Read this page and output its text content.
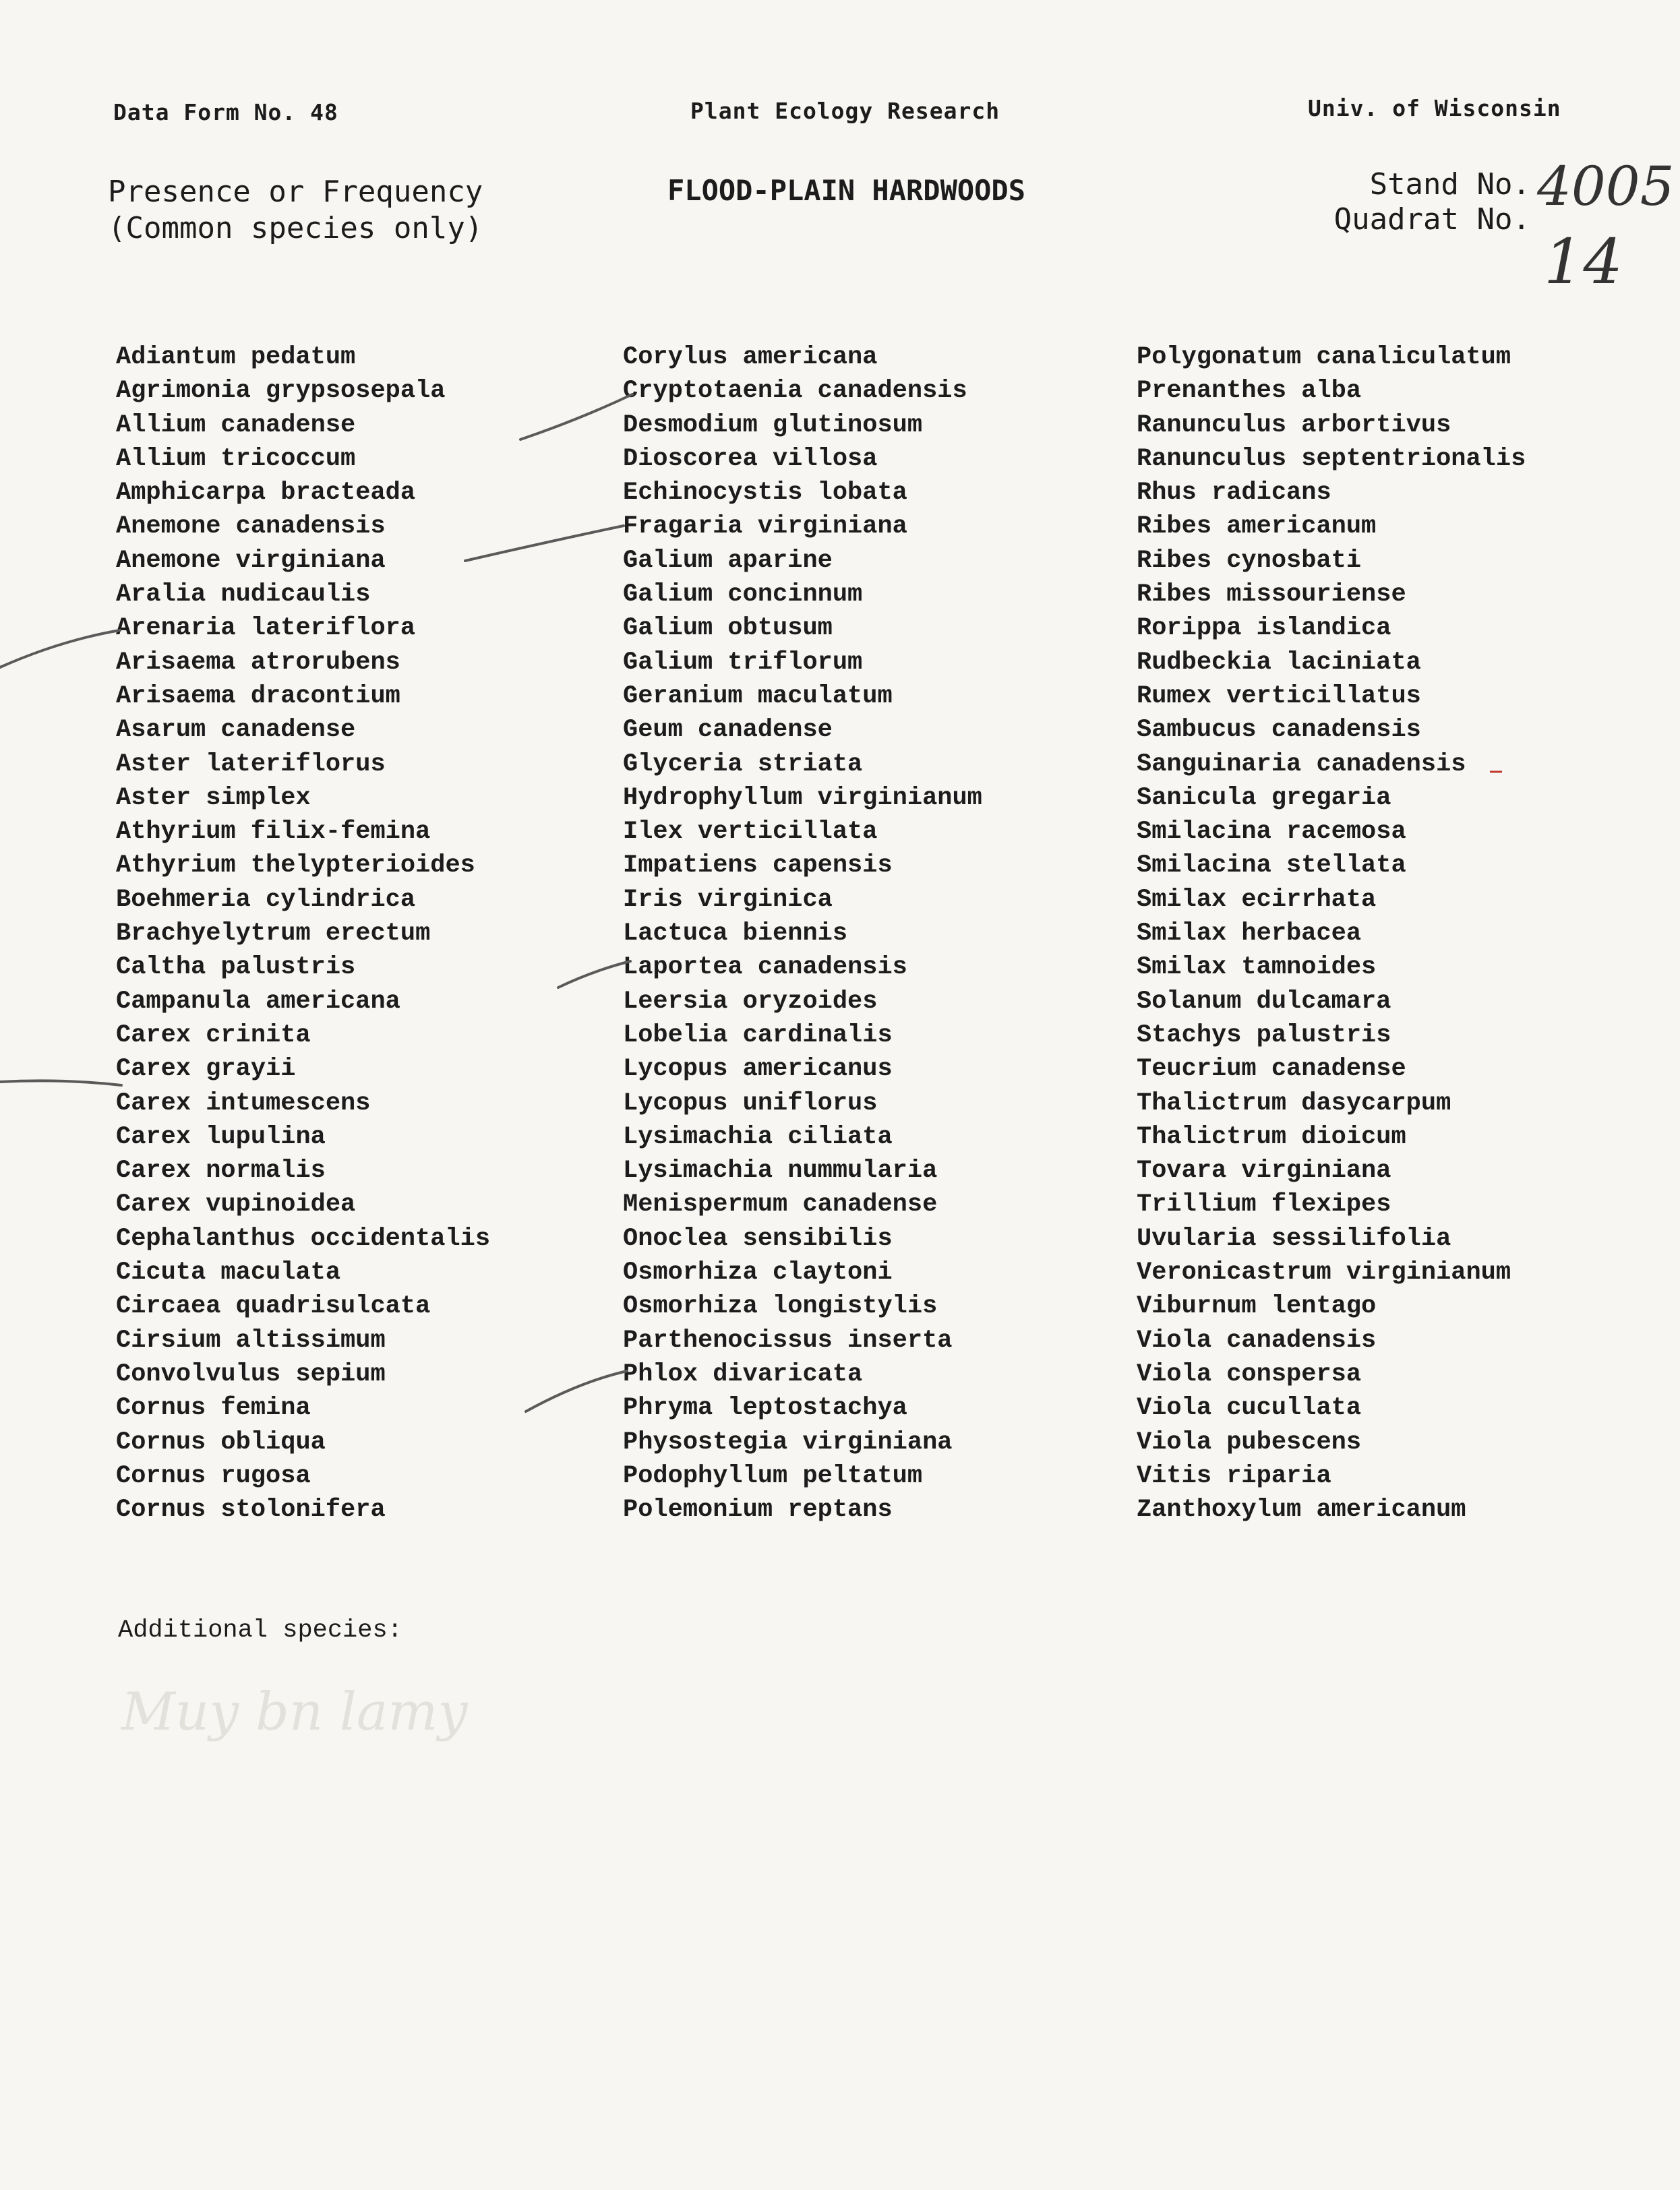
Data Form No. 48	Plant Ecology Research	Univ. of Wisconsin
Presence or Frequency
(Common species only)
FLOOD-PLAIN HARDWOODS	Stand No.
Quadrat No.
4005
14
Adiantum pedatum
Agrimonia grypsosepala
Allium canadense
Allium tricoccum
Amphicarpa bracteada
Anemone canadensis
Anemone virginiana
Aralia nudicaulis
Arenaria lateriflora
Arisaema atrorubens
Arisaema dracontium
Asarum canadense
Aster lateriflorus
Aster simplex
Athyrium filix-femina
Athyrium thelypterioides
Boehmeria cylindrica
Brachyelytrum erectum
Caltha palustris
Campanula americana
Carex crinita
Carex grayii
Carex intumescens
Carex lupulina
Carex normalis
Carex vupinoidea
Cephalanthus occidentalis
Cicuta maculata
Circaea quadrisulcata
Cirsium altissimum
Convolvulus sepium
Cornus femina
Cornus obliqua
Cornus rugosa
Cornus stolonifera
Corylus americana
Cryptotaenia canadensis
Desmodium glutinosum
Dioscorea villosa
Echinocystis lobata
Fragaria virginiana
Galium aparine
Galium concinnum
Galium obtusum
Galium triflorum
Geranium maculatum
Geum canadense
Glyceria striata
Hydrophyllum virginianum
Ilex verticillata
Impatiens capensis
Iris virginica
Lactuca biennis
Laportea canadensis
Leersia oryzoides
Lobelia cardinalis
Lycopus americanus
Lycopus uniflorus
Lysimachia ciliata
Lysimachia nummularia
Menispermum canadense
Onoclea sensibilis
Osmorhiza claytoni
Osmorhiza longistylis
Parthenocissus inserta
Phlox divaricata
Phryma leptostachya
Physostegia virginiana
Podophyllum peltatum
Polemonium reptans
Polygonatum canaliculatum
Prenanthes alba
Ranunculus arbortivus
Ranunculus septentrionalis
Rhus radicans
Ribes americanum
Ribes cynosbati
Ribes missouriense
Rorippa islandica
Rudbeckia laciniata
Rumex verticillatus
Sambucus canadensis
Sanguinaria canadensis
Sanicula gregaria
Smilacina racemosa
Smilacina stellata
Smilax ecirrhata
Smilax herbacea
Smilax tamnoides
Solanum dulcamara
Stachys palustris
Teucrium canadense
Thalictrum dasycarpum
Thalictrum dioicum
Tovara virginiana
Trillium flexipes
Uvularia sessilifolia
Veronicastrum virginianum
Viburnum lentago
Viola canadensis
Viola conspersa
Viola cucullata
Viola pubescens
Vitis riparia
Zanthoxylum americanum
Additional species:
Muy bn lamy
